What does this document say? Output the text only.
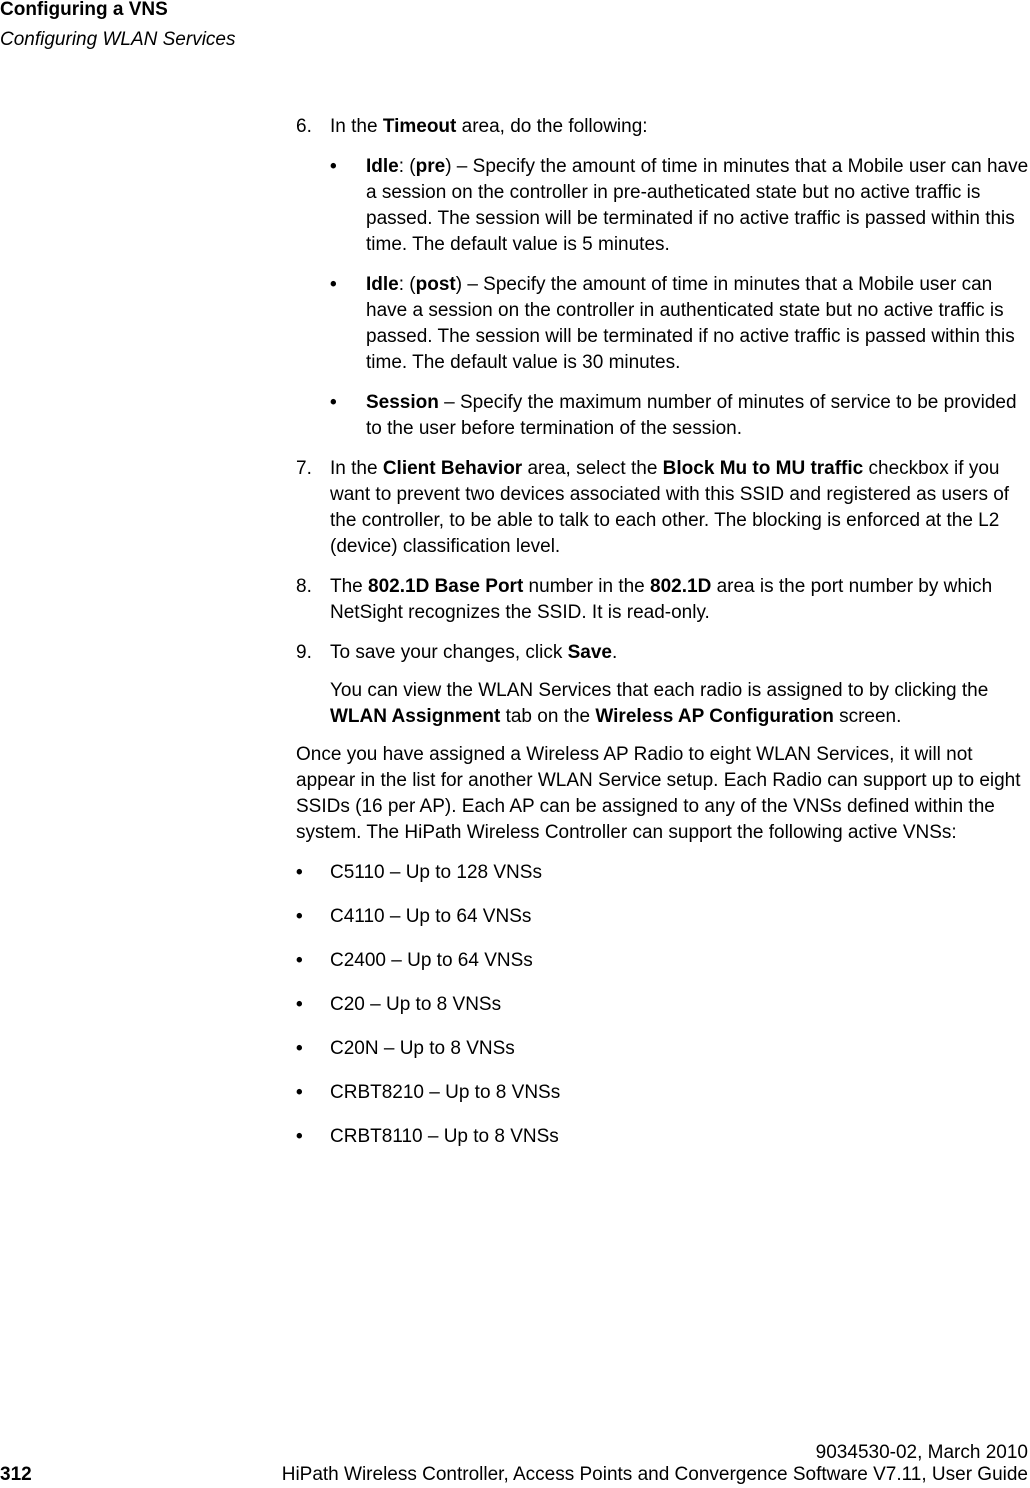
Configuring a VNS
Configuring WLAN Services
6. In the Timeout area, do the following:
• Idle: (pre) – Specify the amount of time in minutes that a Mobile user can have a session on the controller in pre-autheticated state but no active traffic is passed. The session will be terminated if no active traffic is passed within this time. The default value is 5 minutes.
• Idle: (post) – Specify the amount of time in minutes that a Mobile user can have a session on the controller in authenticated state but no active traffic is passed. The session will be terminated if no active traffic is passed within this time. The default value is 30 minutes.
• Session – Specify the maximum number of minutes of service to be provided to the user before termination of the session.
7. In the Client Behavior area, select the Block Mu to MU traffic checkbox if you want to prevent two devices associated with this SSID and registered as users of the controller, to be able to talk to each other. The blocking is enforced at the L2 (device) classification level.
8. The 802.1D Base Port number in the 802.1D area is the port number by which NetSight recognizes the SSID. It is read-only.
9. To save your changes, click Save.
You can view the WLAN Services that each radio is assigned to by clicking the WLAN Assignment tab on the Wireless AP Configuration screen.
Once you have assigned a Wireless AP Radio to eight WLAN Services, it will not appear in the list for another WLAN Service setup. Each Radio can support up to eight SSIDs (16 per AP). Each AP can be assigned to any of the VNSs defined within the system. The HiPath Wireless Controller can support the following active VNSs:
• C5110 – Up to 128 VNSs
• C4110 – Up to 64 VNSs
• C2400 – Up to 64 VNSs
• C20 – Up to 8 VNSs
• C20N – Up to 8 VNSs
• CRBT8210 – Up to 8 VNSs
• CRBT8110 – Up to 8 VNSs
9034530-02, March 2010
312	HiPath Wireless Controller, Access Points and Convergence Software V7.11, User Guide
